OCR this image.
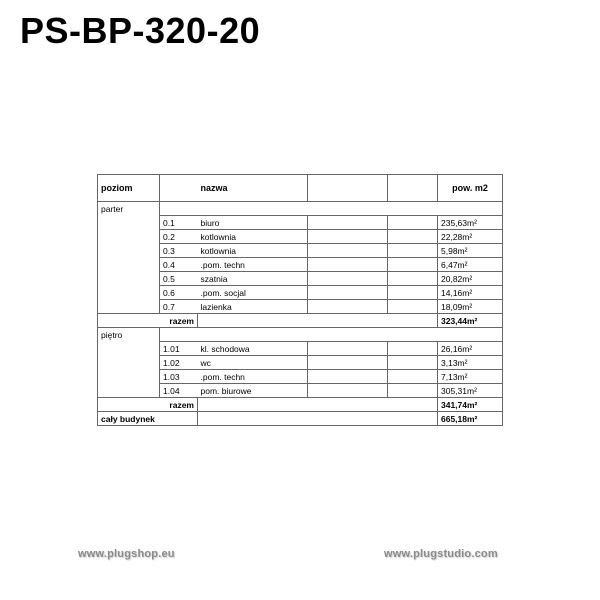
PS-BP-320-20
poziom		nazwa			pow. m2
parter					
	0.1	biuro			235,63m²
	0.2	kotlownia			22,28m²
	0.3	kotlownia			5,98m²
	0.4	.pom. techn			6,47m²
	0.5	szatnia			20,82m²
	0.6	.pom. socjal			14,16m²
	0.7	lazienka			18,09m²
razem					323,44m²
piętro					
	1.01	kl. schodowa			26,16m²
	1.02	wc			3,13m²
	1.03	.pom. techn			7,13m²
	1.04	pom. biurowe			305,31m²
razem					341,74m²
cały budynek					665,18m²
www.plugshop.eu	www.plugstudio.com
